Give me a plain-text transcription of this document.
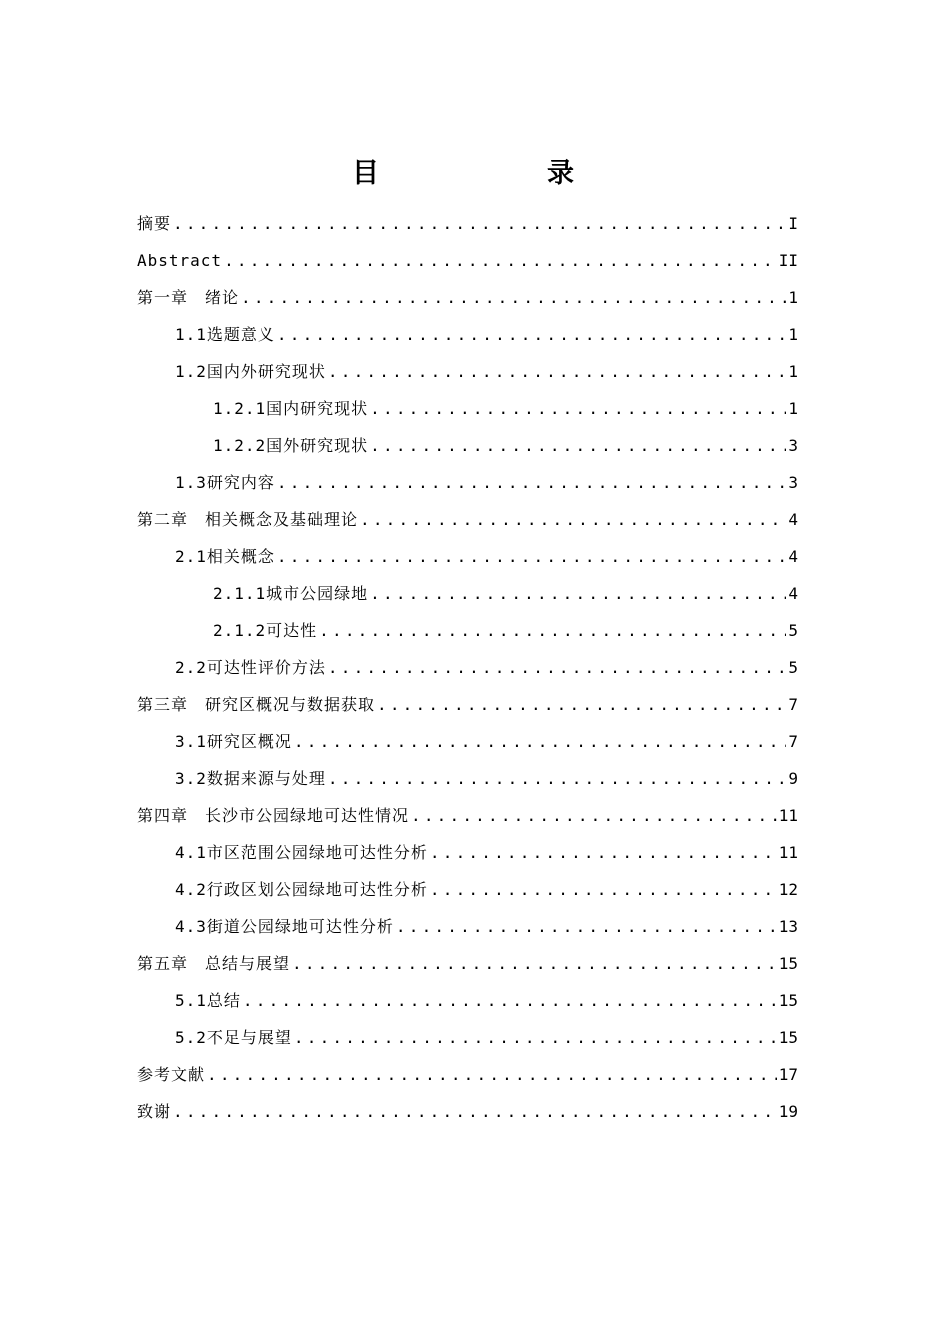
目　　录
摘要 .....	I
Abstract .....	II
第一章　绪论 .....	1
1.1选题意义 .....	1
1.2国内外研究现状 .....	1
1.2.1国内研究现状 .....	1
1.2.2国外研究现状 .....	3
1.3研究内容 .....	3
第二章　相关概念及基础理论 .....	4
2.1相关概念 .....	4
2.1.1城市公园绿地 .....	4
2.1.2可达性 .....	5
2.2可达性评价方法 .....	5
第三章　研究区概况与数据获取 .....	7
3.1研究区概况 .....	7
3.2数据来源与处理 .....	9
第四章　长沙市公园绿地可达性情况 .....	11
4.1市区范围公园绿地可达性分析 .....	11
4.2行政区划公园绿地可达性分析 .....	12
4.3街道公园绿地可达性分析 .....	13
第五章　总结与展望 .....	15
5.1总结 .....	15
5.2不足与展望 .....	15
参考文献 .....	17
致谢 .....	19
